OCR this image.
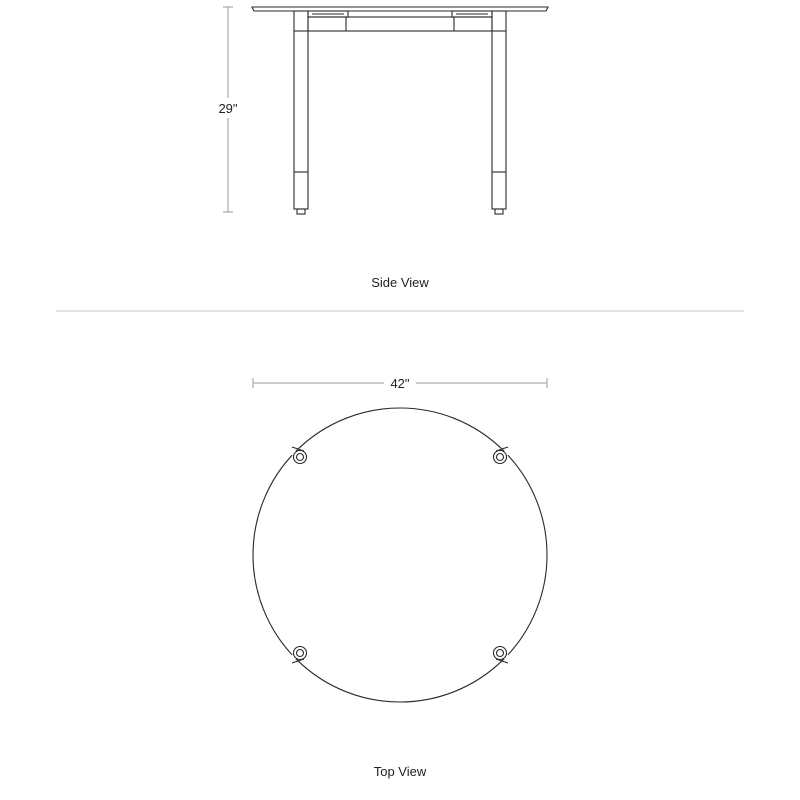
29"
Side View
42"
Top View
